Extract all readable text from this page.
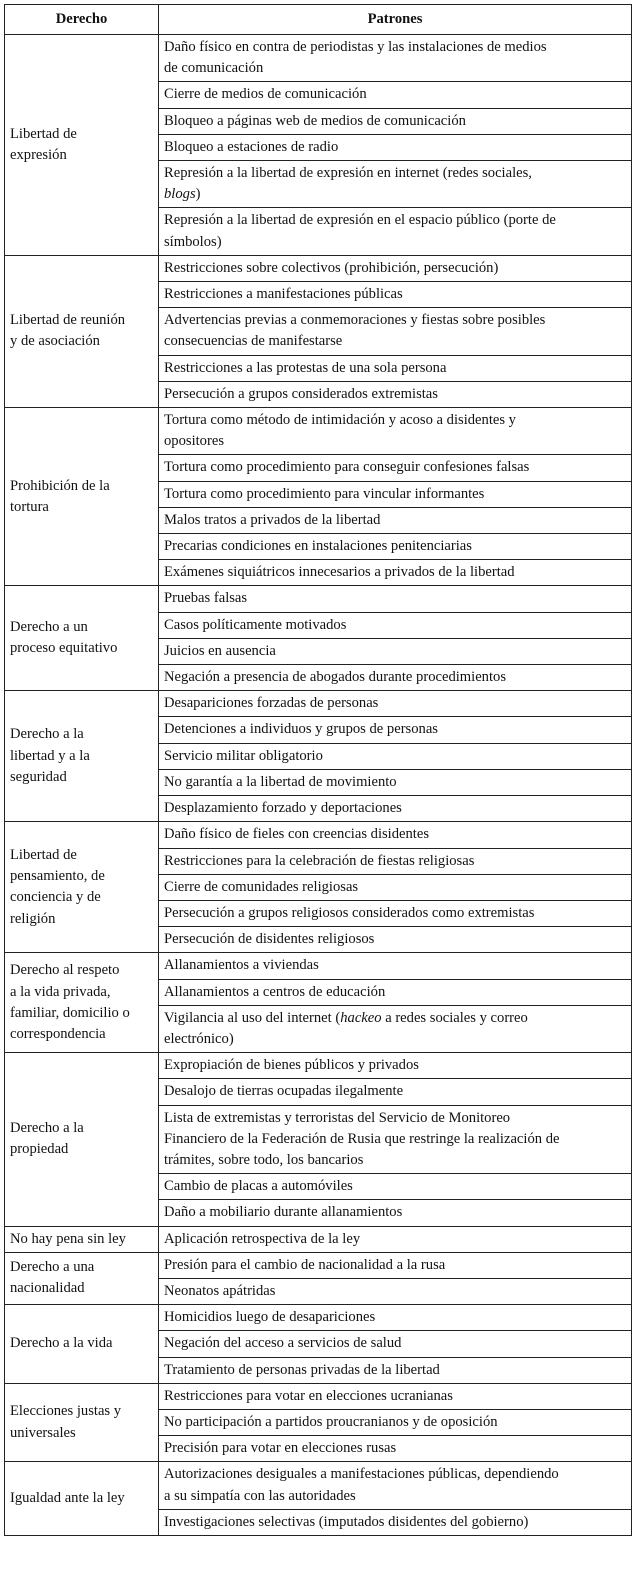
Derecho	Patrones
Libertad de
expresión	Daño físico en contra de periodistas y las instalaciones de medios
de comunicación
	Cierre de medios de comunicación
	Bloqueo a páginas web de medios de comunicación
	Bloqueo a estaciones de radio
	Represión a la libertad de expresión en internet (redes sociales,
blogs)
	Represión a la libertad de expresión en el espacio público (porte de
símbolos)
Libertad de reunión
y de asociación	Restricciones sobre colectivos (prohibición, persecución)
	Restricciones a manifestaciones públicas
	Advertencias previas a conmemoraciones y fiestas sobre posibles
consecuencias de manifestarse
	Restricciones a las protestas de una sola persona
	Persecución a grupos considerados extremistas
Prohibición de la
tortura	Tortura como método de intimidación y acoso a disidentes y
opositores
	Tortura como procedimiento para conseguir confesiones falsas
	Tortura como procedimiento para vincular informantes
	Malos tratos a privados de la libertad
	Precarias condiciones en instalaciones penitenciarias
	Exámenes siquiátricos innecesarios a privados de la libertad
Derecho a un
proceso equitativo	Pruebas falsas
	Casos políticamente motivados
	Juicios en ausencia
	Negación a presencia de abogados durante procedimientos
Derecho a la
libertad y a la
seguridad	Desapariciones forzadas de personas
	Detenciones a individuos y grupos de personas
	Servicio militar obligatorio
	No garantía a la libertad de movimiento
	Desplazamiento forzado y deportaciones
Libertad de
pensamiento, de
conciencia y de
religión	Daño físico de fieles con creencias disidentes
	Restricciones para la celebración de fiestas religiosas
	Cierre de comunidades religiosas
	Persecución a grupos religiosos considerados como extremistas
	Persecución de disidentes religiosos
Derecho al respeto
a la vida privada,
familiar, domicilio o
correspondencia	Allanamientos a viviendas
	Allanamientos a centros de educación
	Vigilancia al uso del internet (hackeo a redes sociales y correo
electrónico)
Derecho a la
propiedad	Expropiación de bienes públicos y privados
	Desalojo de tierras ocupadas ilegalmente
	Lista de extremistas y terroristas del Servicio de Monitoreo
Financiero de la Federación de Rusia que restringe la realización de
trámites, sobre todo, los bancarios
	Cambio de placas a automóviles
	Daño a mobiliario durante allanamientos
No hay pena sin ley	Aplicación retrospectiva de la ley
Derecho a una
nacionalidad	Presión para el cambio de nacionalidad a la rusa
	Neonatos apátridas
Derecho a la vida	Homicidios luego de desapariciones
	Negación del acceso a servicios de salud
	Tratamiento de personas privadas de la libertad
Elecciones justas y
universales	Restricciones para votar en elecciones ucranianas
	No participación a partidos proucranianos y de oposición
	Precisión para votar en elecciones rusas
Igualdad ante la ley	Autorizaciones desiguales a manifestaciones públicas, dependiendo
a su simpatía con las autoridades
	Investigaciones selectivas (imputados disidentes del gobierno)
